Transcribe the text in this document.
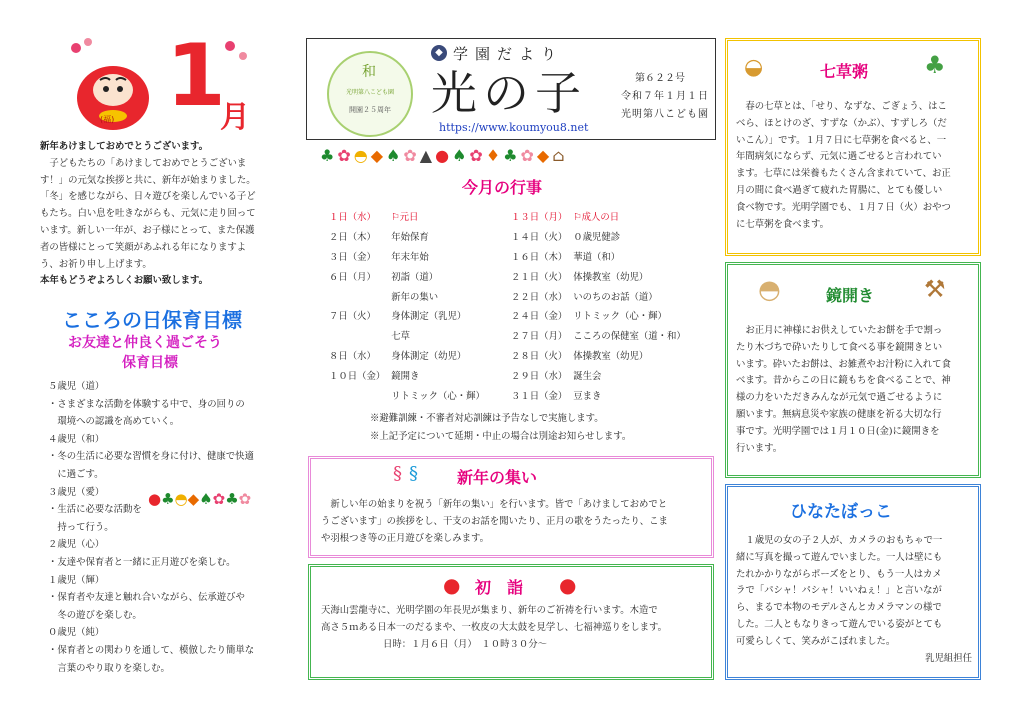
(福) 1
月
新年あけましておめでとうございます。
　子どもたちの「あけましておめでとうございま
す！」の元気な挨拶と共に、新年が始まりました。
「冬」を感じながら、日々遊びを楽しんでいる子ど
もたち。白い息を吐きながらも、元気に走り回って
います。新しい一年が、お子様にとって、また保護
者の皆様にとって笑顔があふれる年になりますよ
う、お祈り申し上げます。
本年もどうぞよろしくお願い致します。
こころの日保育目標
お友達と仲良く過ごそう
保育目標
５歳児（道）
・さまざまな活動を体験する中で、身の回りの
　環境への認識を高めていく。
４歳児（和）
・冬の生活に必要な習慣を身に付け、健康で快適
　に過ごす。
３歳児（愛）
・生活に必要な活動を
　持って行う。
２歳児（心）
・友達や保育者と一緒に正月遊びを楽しむ。
１歳児（輝）
・保育者や友達と触れ合いながら、伝承遊びや
　冬の遊びを楽しむ。
０歳児（純）
・保育者との関わりを通して、模倣したり簡単な
　言葉のやり取りを楽しむ。
●♣◓◆♠✿♣✿
和
光明第八こども園
開園２５周年
◆ 学園だより
光の子	第６２２号
令和７年１月１日
光明第八こども園
https://www.koumyou8.net
♣✿◓◆♠✿▲●♠✿♦♣✿◆⌂
今月の行事
１日（水）	⚐元日
２日（木）	年始保育
３日（金）	年末年始
６日（月）	初詣（道）
	新年の集い
７日（火）	身体測定（乳児）
	七草
８日（水）	身体測定（幼児）
１０日（金）	鏡開き
	リトミック（心・輝）
１３日（月）	⚐成人の日
１４日（火）	０歳児健診
１６日（木）	華道（和）
２１日（火）	体操教室（幼児）
２２日（水）	いのちのお話（道）
２４日（金）	リトミック（心・輝）
２７日（月）	こころの保健室（道・和）
２８日（火）	体操教室（幼児）
２９日（水）	誕生会
３１日（金）	豆まき
※避難訓練・不審者対応訓練は予告なしで実施します。
※上記予定について延期・中止の場合は別途お知らせします。
§ § 新年の集い
　新しい年の始まりを祝う「新年の集い」を行います。皆で「あけましておめでと
うございます」の挨拶をし、干支のお話を聞いたり、正月の歌をうたったり、こま
や羽根つき等の正月遊びを楽しみます。
● 初　詣 ●
天海山雲龍寺に、光明学園の年長児が集まり、新年のご祈祷を行います。木造で
高さ５ｍある日本一のだるまや、一枚皮の大太鼓を見学し、七福神巡りをします。
日時：１月６日（月）　１０時３０分～
◒	七草粥 ♣
　春の七草とは、「せり、なずな、ごぎょう、はこ
べら、ほとけのざ、すずな（かぶ）、すずしろ（だ
いこん）」です。１月７日に七草粥を食べると、一
年間病気にならず、元気に過ごせると言われてい
ます。七草には栄養もたくさん含まれていて、お正
月の間に食べ過ぎて疲れた胃腸に、とても優しい
食べ物です。光明学園でも、１月７日（火）おやつ
に七草粥を食べます。
◓	鏡開き ⚒
　お正月に神様にお供えしていたお餅を手で割っ
たり木づちで砕いたりして食べる事を鏡開きとい
います。砕いたお餅は、お雑煮やお汁粉に入れて食
べます。昔からこの日に鏡もちを食べることで、神
様の力をいただきみんなが元気で過ごせるように
願います。無病息災や家族の健康を祈る大切な行
事です。光明学園では１月１０日(金)に鏡開きを
行います。
ひなたぼっこ
　１歳児の女の子２人が、カメラのおもちゃで一
緒に写真を撮って遊んでいました。一人は壁にも
たれかかりながらポーズをとり、もう一人はカメ
ラで「パシャ！パシャ！いいねぇ！」と言いなが
ら、まるで本物のモデルさんとカメラマンの様で
した。二人ともなりきって遊んでいる姿がとても
可愛らしくて、笑みがこぼれました。
乳児組担任
